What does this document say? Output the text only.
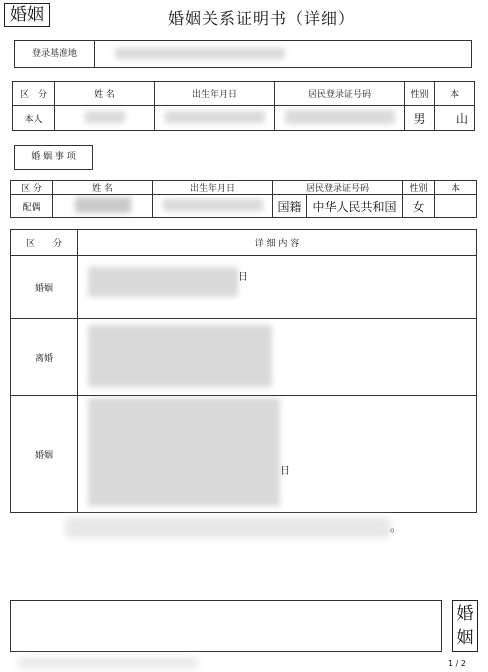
婚姻	婚姻关系证明书（详细）
登录基准地
区　分	姓 名	出生年月日	居民登录证号码	性别	本
本人				男	山
婚 姻 事 项
区 分	姓 名	出生年月日	居民登录证号码		性别	本
配偶			国籍	中华人民共和国	女	
区　　分	详 细 内 容
婚姻	日

离婚	

婚姻	日
。
婚姻
1 / 2
